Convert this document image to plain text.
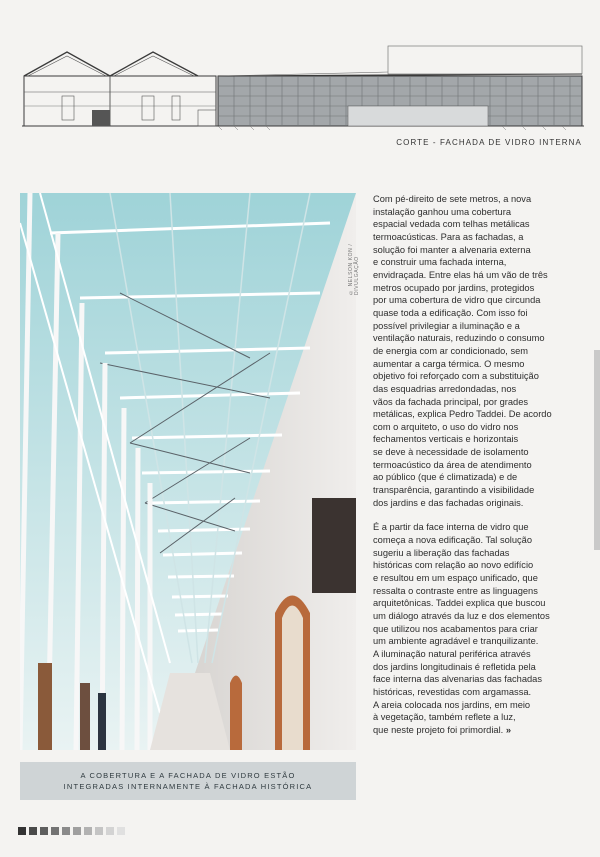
CORTE - FACHADA DE VIDRO INTERNA
© NELSON KON / DIVULGAÇÃO
A COBERTURA E A FACHADA DE VIDRO ESTÃO
INTEGRADAS INTERNAMENTE À FACHADA HISTÓRICA

Com pé-direito de sete metros, a nova
instalação ganhou uma cobertura
espacial vedada com telhas metálicas
termoacústicas. Para as fachadas, a
solução foi manter a alvenaria externa
e construir uma fachada interna,
envidraçada. Entre elas há um vão de três
metros ocupado por jardins, protegidos
por uma cobertura de vidro que circunda
quase toda a edificação. Com isso foi
possível privilegiar a iluminação e a
ventilação naturais, reduzindo o consumo
de energia com ar condicionado, sem
aumentar a carga térmica. O mesmo
objetivo foi reforçado com a substituição
das esquadrias arredondadas, nos
vãos da fachada principal, por grades
metálicas, explica Pedro Taddei. De acordo
com o arquiteto, o uso do vidro nos
fechamentos verticais e horizontais
se deve à necessidade de isolamento
termoacústico da área de atendimento
ao público (que é climatizada) e de
transparência, garantindo a visibilidade
dos jardins e das fachadas originais.

É a partir da face interna de vidro que
começa a nova edificação. Tal solução
sugeriu a liberação das fachadas
históricas com relação ao novo edifício
e resultou em um espaço unificado, que
ressalta o contraste entre as linguagens
arquitetônicas. Taddei explica que buscou
um diálogo através da luz e dos elementos
que utilizou nos acabamentos para criar
um ambiente agradável e tranquilizante.
A iluminação natural periférica através
dos jardins longitudinais é refletida pela
face interna das alvenarias das fachadas
históricas, revestidas com argamassa.
A areia colocada nos jardins, em meio
à vegetação, também reflete a luz,
que neste projeto foi primordial. »
